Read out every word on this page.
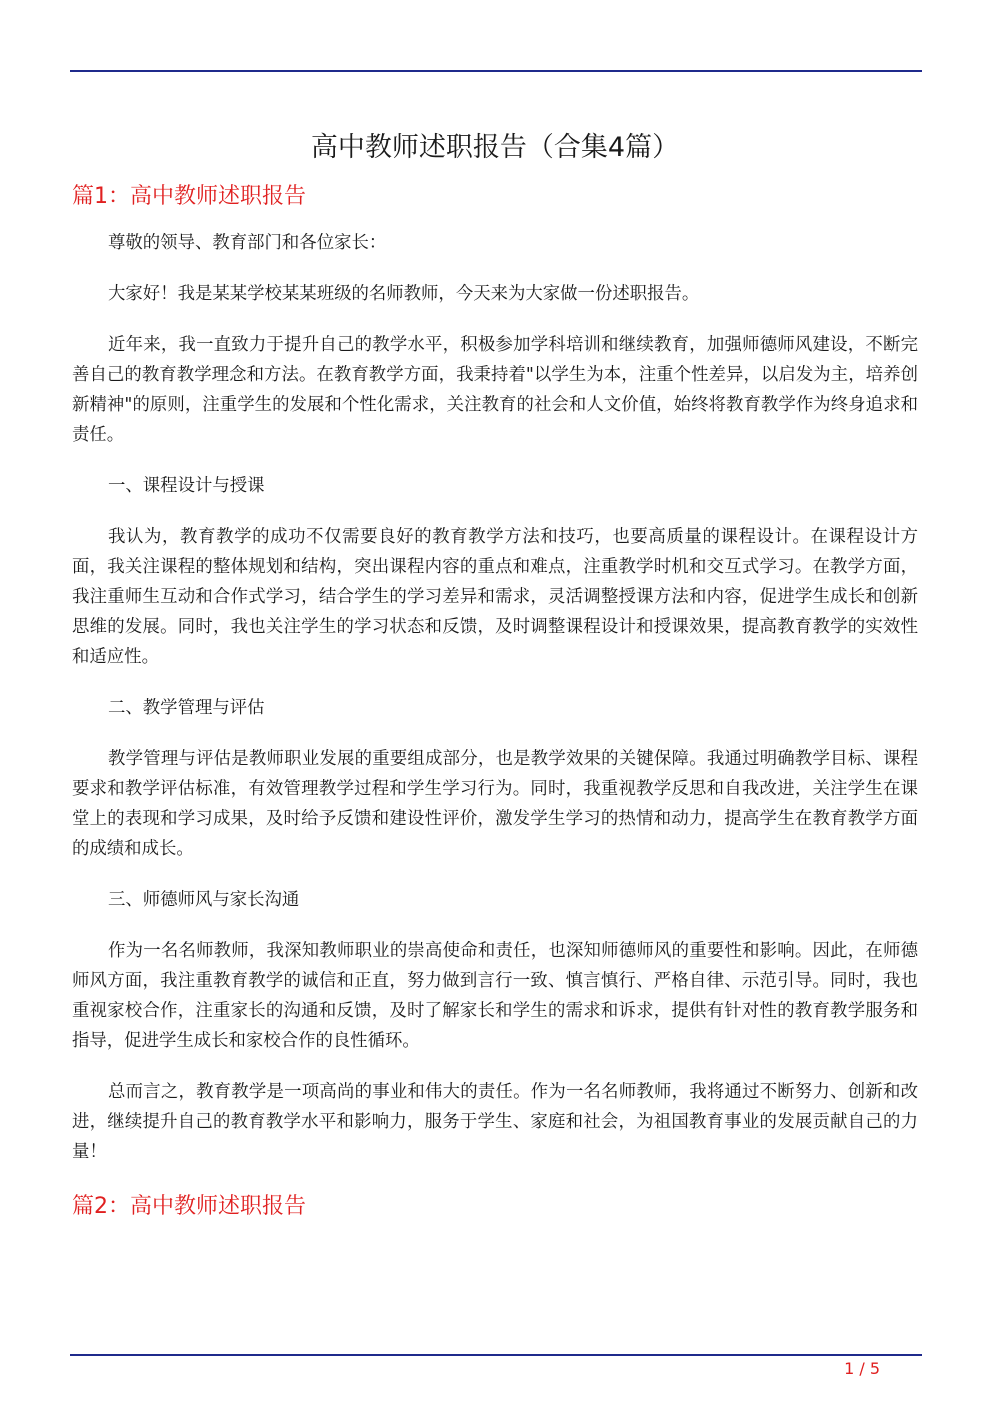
高中教师述职报告（合集4篇）
篇1：高中教师述职报告

尊敬的领导、教育部门和各位家长：

大家好！我是某某学校某某班级的名师教师，今天来为大家做一份述职报告。

近年来，我一直致力于提升自己的教学水平，积极参加学科培训和继续教育，加强师德师风建设，不断完善自己的教育教学理念和方法。在教育教学方面，我秉持着"以学生为本，注重个性差异，以启发为主，培养创新精神"的原则，注重学生的发展和个性化需求，关注教育的社会和人文价值，始终将教育教学作为终身追求和责任。

一、课程设计与授课

我认为，教育教学的成功不仅需要良好的教育教学方法和技巧，也要高质量的课程设计。在课程设计方面，我关注课程的整体规划和结构，突出课程内容的重点和难点，注重教学时机和交互式学习。在教学方面，我注重师生互动和合作式学习，结合学生的学习差异和需求，灵活调整授课方法和内容，促进学生成长和创新思维的发展。同时，我也关注学生的学习状态和反馈，及时调整课程设计和授课效果，提高教育教学的实效性和适应性。

二、教学管理与评估

教学管理与评估是教师职业发展的重要组成部分，也是教学效果的关键保障。我通过明确教学目标、课程要求和教学评估标准，有效管理教学过程和学生学习行为。同时，我重视教学反思和自我改进，关注学生在课堂上的表现和学习成果，及时给予反馈和建设性评价，激发学生学习的热情和动力，提高学生在教育教学方面的成绩和成长。

三、师德师风与家长沟通

作为一名名师教师，我深知教师职业的崇高使命和责任，也深知师德师风的重要性和影响。因此，在师德师风方面，我注重教育教学的诚信和正直，努力做到言行一致、慎言慎行、严格自律、示范引导。同时，我也重视家校合作，注重家长的沟通和反馈，及时了解家长和学生的需求和诉求，提供有针对性的教育教学服务和指导，促进学生成长和家校合作的良性循环。

总而言之，教育教学是一项高尚的事业和伟大的责任。作为一名名师教师，我将通过不断努力、创新和改进，继续提升自己的教育教学水平和影响力，服务于学生、家庭和社会，为祖国教育事业的发展贡献自己的力量！

篇2：高中教师述职报告
1 / 5
